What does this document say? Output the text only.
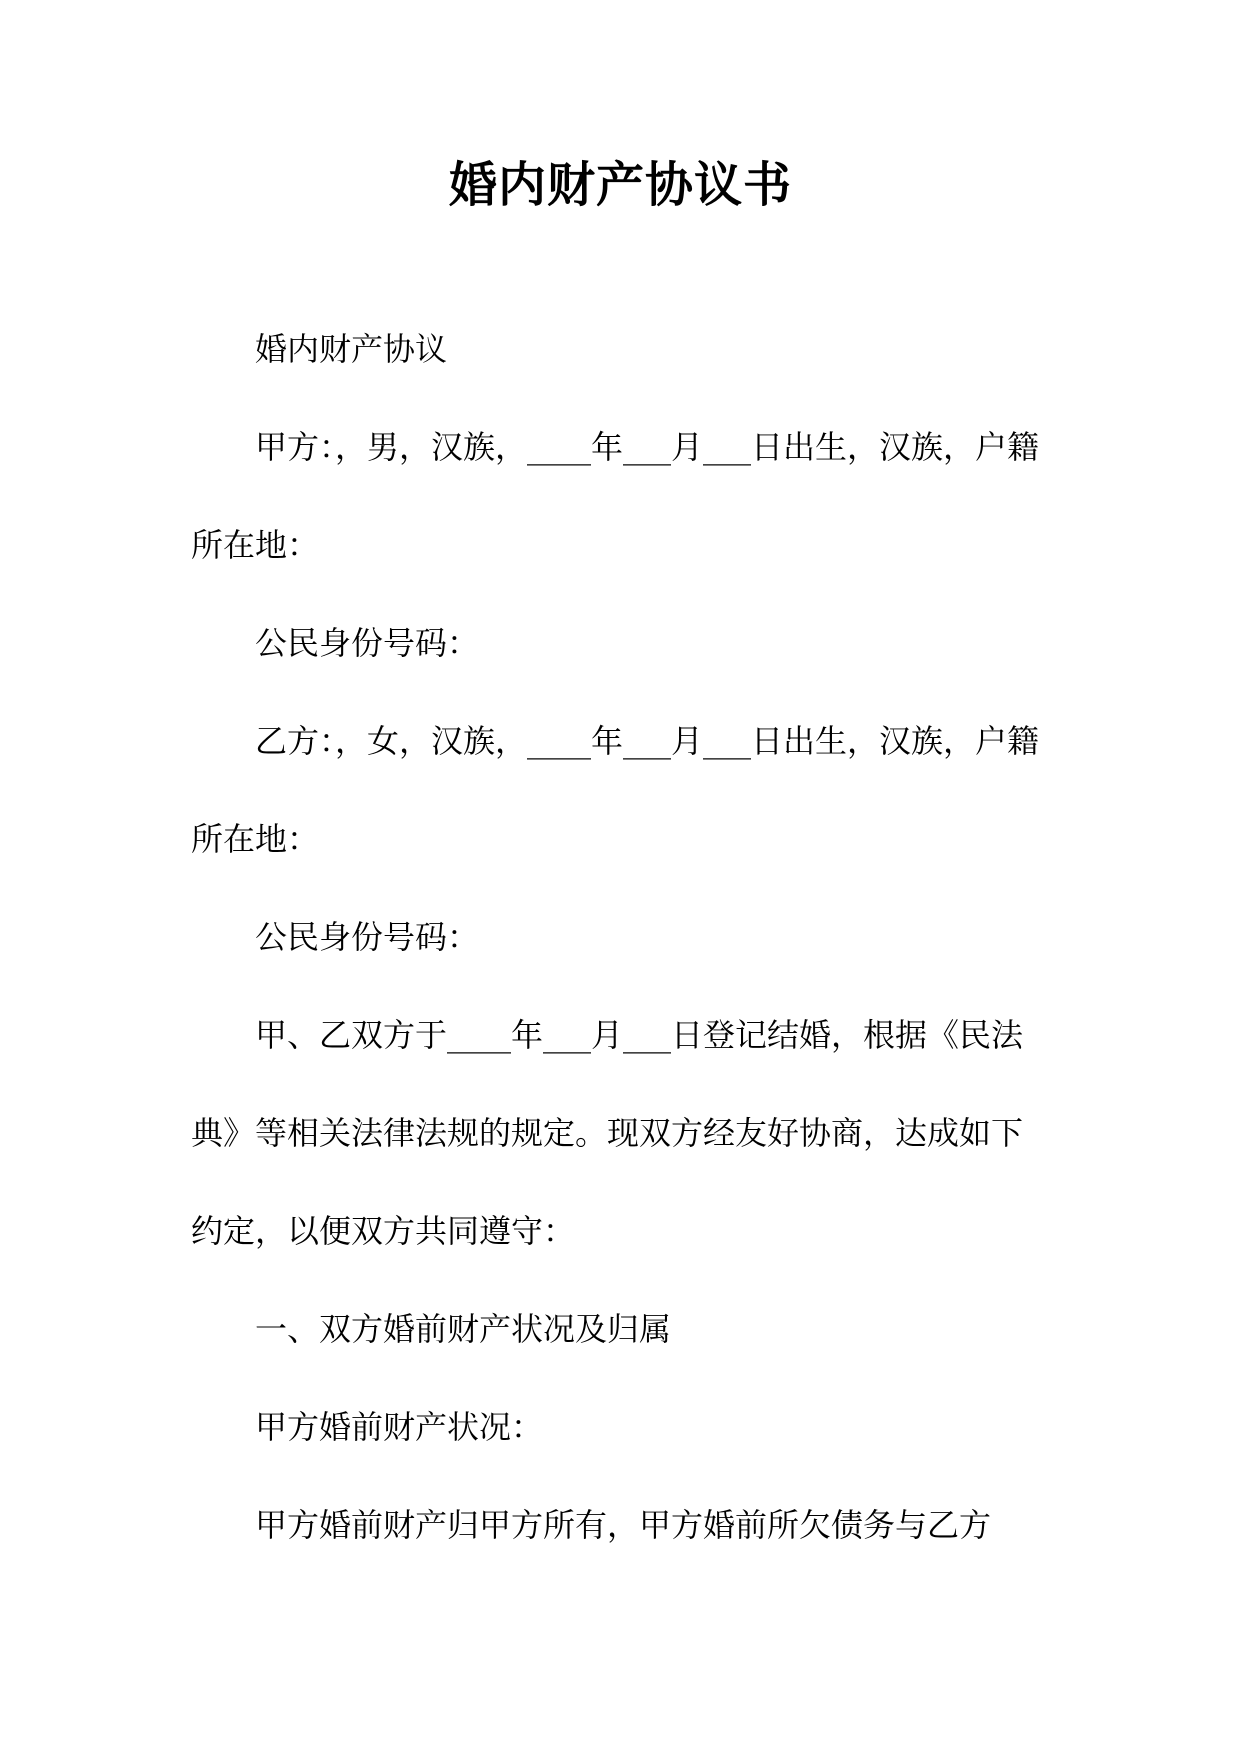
婚内财产协议书

婚内财产协议

甲方：，男，汉族，____年___月___日出生，汉族，户籍所在地：

公民身份号码：

乙方：，女，汉族，____年___月___日出生，汉族，户籍所在地：

公民身份号码：

甲、乙双方于____年___月___日登记结婚，根据《民法典》等相关法律法规的规定。现双方经友好协商，达成如下约定，以便双方共同遵守：

一、双方婚前财产状况及归属

甲方婚前财产状况：

甲方婚前财产归甲方所有，甲方婚前所欠债务与乙方
